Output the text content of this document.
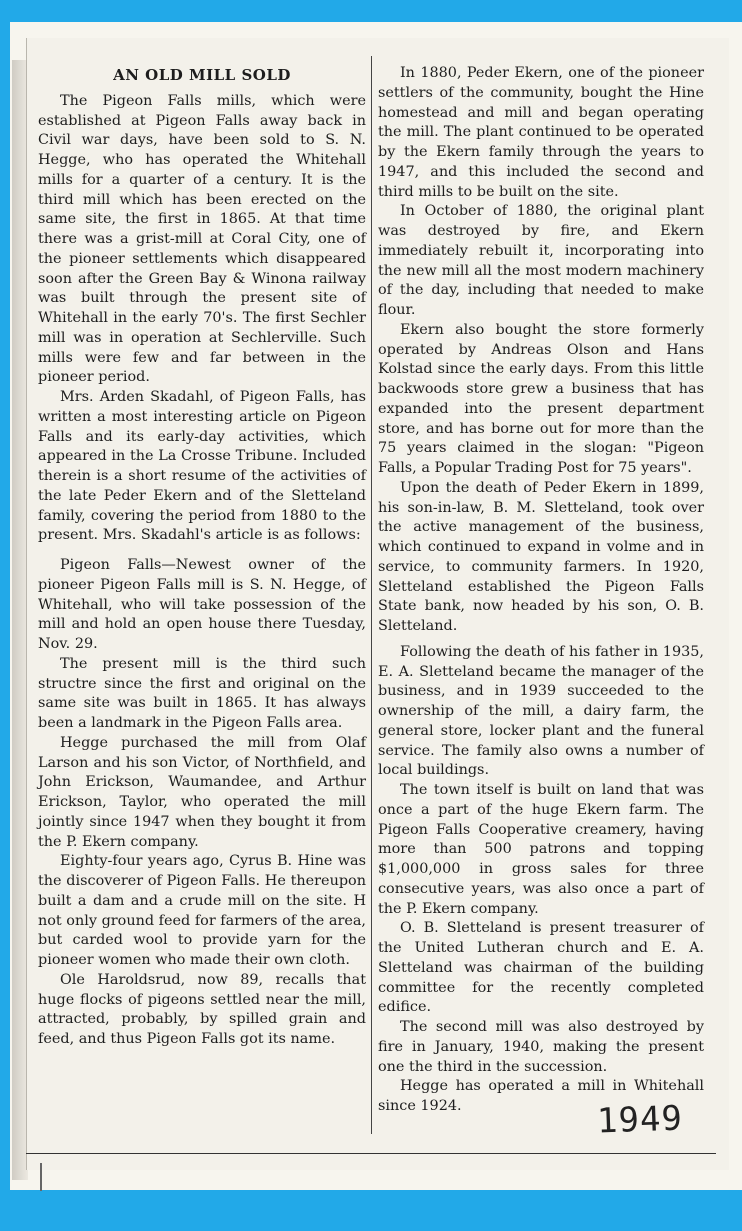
AN OLD MILL SOLD

The Pigeon Falls mills, which were established at Pigeon Falls away back in Civil war days, have been sold to S. N. Hegge, who has operated the Whitehall mills for a quarter of a century. It is the third mill which has been erected on the same site, the first in 1865. At that time there was a grist-mill at Coral City, one of the pioneer settlements which disappeared soon after the Green Bay & Winona railway was built through the present site of Whitehall in the early 70's. The first Sechler mill was in operation at Sechlerville. Such mills were few and far between in the pioneer period.

Mrs. Arden Skadahl, of Pigeon Falls, has written a most interesting article on Pigeon Falls and its early-day activities, which appeared in the La Crosse Tribune. Included therein is a short resume of the activities of the late Peder Ekern and of the Sletteland family, covering the period from 1880 to the present. Mrs. Skadahl's article is as follows:

Pigeon Falls—Newest owner of the pioneer Pigeon Falls mill is S. N. Hegge, of Whitehall, who will take possession of the mill and hold an open house there Tuesday, Nov. 29.

The present mill is the third such structre since the first and original on the same site was built in 1865. It has always been a landmark in the Pigeon Falls area.

Hegge purchased the mill from Olaf Larson and his son Victor, of Northfield, and John Erickson, Waumandee, and Arthur Erickson, Taylor, who operated the mill jointly since 1947 when they bought it from the P. Ekern company.

Eighty-four years ago, Cyrus B. Hine was the discoverer of Pigeon Falls. He thereupon built a dam and a crude mill on the site. H not only ground feed for farmers of the area, but carded wool to provide yarn for the pioneer women who made their own cloth.

Ole Haroldsrud, now 89, recalls that huge flocks of pigeons settled near the mill, attracted, probably, by spilled grain and feed, and thus Pigeon Falls got its name.

In 1880, Peder Ekern, one of the pioneer settlers of the community, bought the Hine homestead and mill and began operating the mill. The plant continued to be operated by the Ekern family through the years to 1947, and this included the second and third mills to be built on the site.

In October of 1880, the original plant was destroyed by fire, and Ekern immediately rebuilt it, incorporating into the new mill all the most modern machinery of the day, including that needed to make flour.

Ekern also bought the store formerly operated by Andreas Olson and Hans Kolstad since the early days. From this little backwoods store grew a business that has expanded into the present department store, and has borne out for more than the 75 years claimed in the slogan: "Pigeon Falls, a Popular Trading Post for 75 years".

Upon the death of Peder Ekern in 1899, his son-in-law, B. M. Sletteland, took over the active management of the business, which continued to expand in volme and in service, to community farmers. In 1920, Sletteland established the Pigeon Falls State bank, now headed by his son, O. B. Sletteland.

Following the death of his father in 1935, E. A. Sletteland became the manager of the business, and in 1939 succeeded to the ownership of the mill, a dairy farm, the general store, locker plant and the funeral service. The family also owns a number of local buildings.

The town itself is built on land that was once a part of the huge Ekern farm. The Pigeon Falls Cooperative creamery, having more than 500 patrons and topping $1,000,000 in gross sales for three consecutive years, was also once a part of the P. Ekern company.

O. B. Sletteland is present treasurer of the United Lutheran church and E. A. Sletteland was chairman of the building committee for the recently completed edifice.

The second mill was also destroyed by fire in January, 1940, making the present one the third in the succession.

Hegge has operated a mill in Whitehall since 1924.	1949
